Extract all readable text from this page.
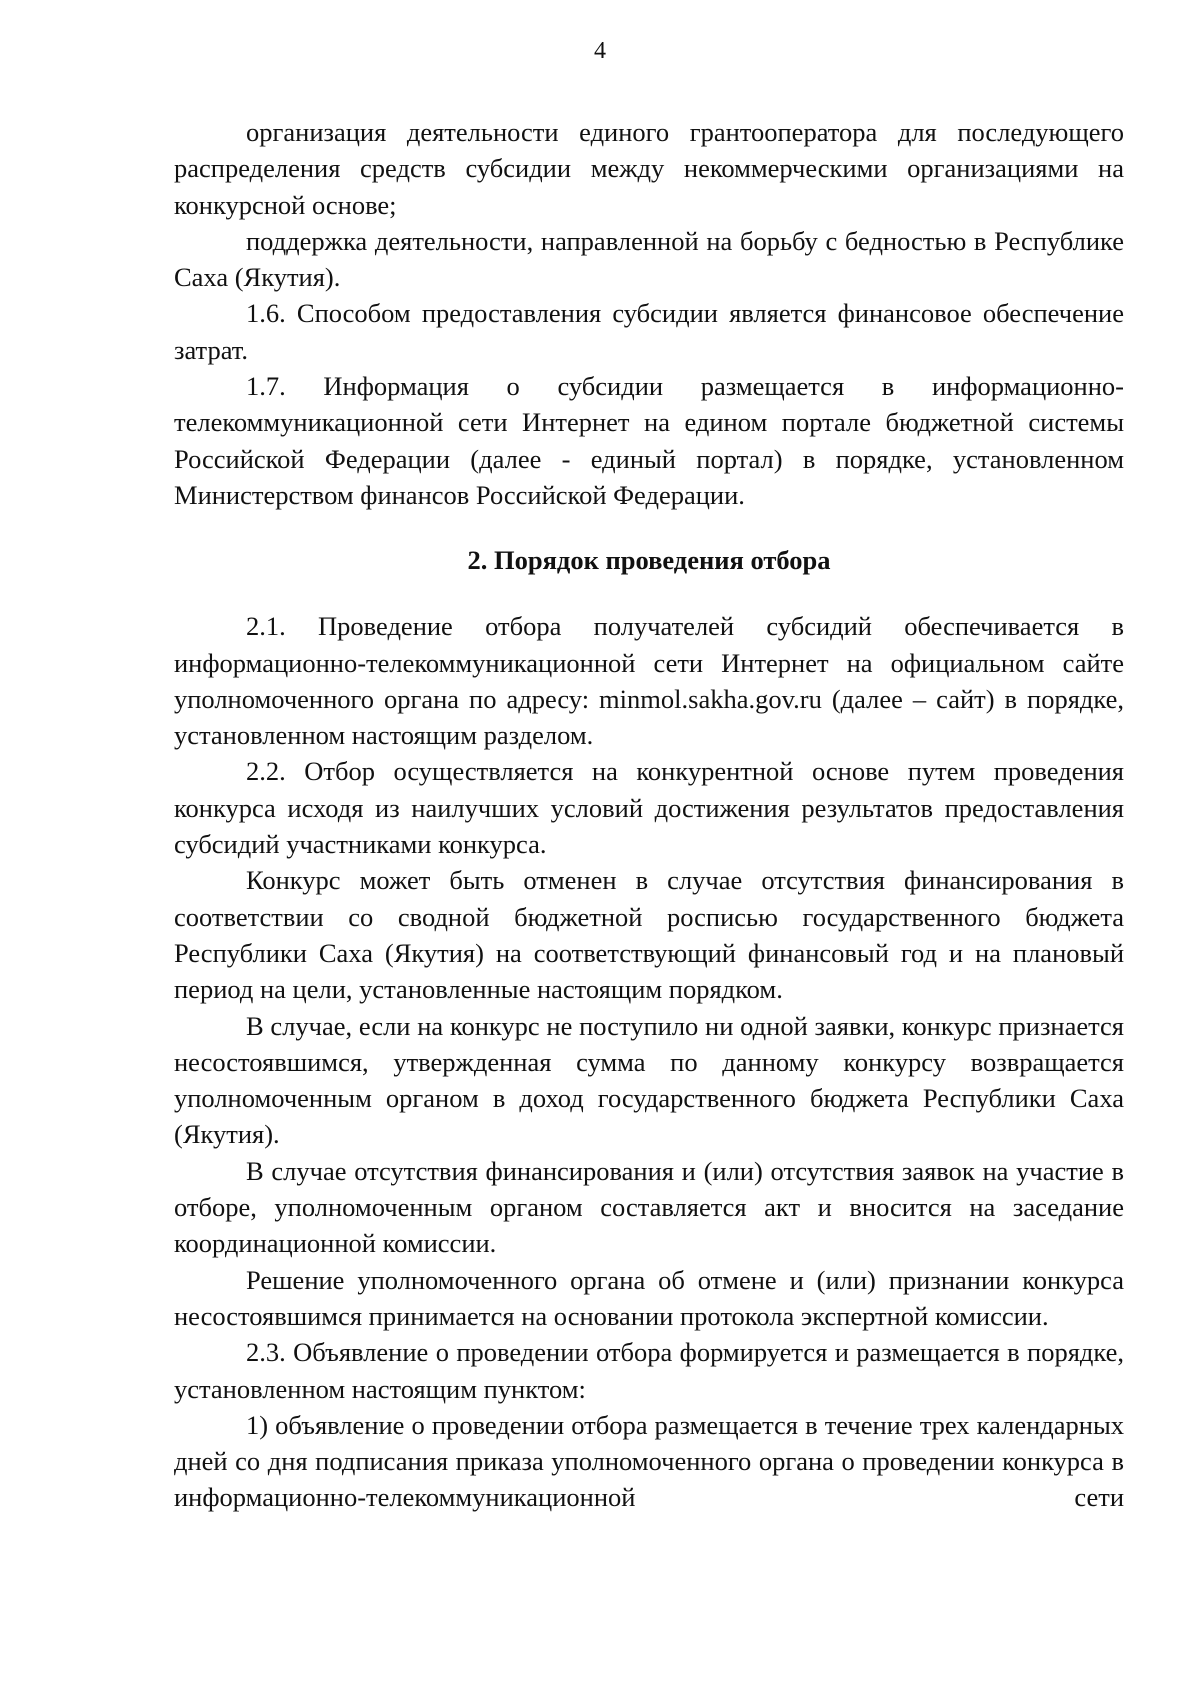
4

организация деятельности единого грантооператора для последующего распределения средств субсидии между некоммерческими организациями на конкурсной основе;

поддержка деятельности, направленной на борьбу с бедностью в Республике Саха (Якутия).

1.6. Способом предоставления субсидии является финансовое обеспечение затрат.

1.7. Информация о субсидии размещается в информационно-телекоммуникационной сети Интернет на едином портале бюджетной системы Российской Федерации (далее - единый портал) в порядке, установленном Министерством финансов Российской Федерации.

2. Порядок проведения отбора

2.1. Проведение отбора получателей субсидий обеспечивается в информационно-телекоммуникационной сети Интернет на официальном сайте уполномоченного органа по адресу: minmol.sakha.gov.ru (далее – сайт) в порядке, установленном настоящим разделом.

2.2. Отбор осуществляется на конкурентной основе путем проведения конкурса исходя из наилучших условий достижения результатов предоставления субсидий участниками конкурса.

Конкурс может быть отменен в случае отсутствия финансирования в соответствии со сводной бюджетной росписью государственного бюджета Республики Саха (Якутия) на соответствующий финансовый год и на плановый период на цели, установленные настоящим порядком.

В случае, если на конкурс не поступило ни одной заявки, конкурс признается несостоявшимся, утвержденная сумма по данному конкурсу возвращается уполномоченным органом в доход государственного бюджета Республики Саха (Якутия).

В случае отсутствия финансирования и (или) отсутствия заявок на участие в отборе, уполномоченным органом составляется акт и вносится на заседание координационной комиссии.

Решение уполномоченного органа об отмене и (или) признании конкурса несостоявшимся принимается на основании протокола экспертной комиссии.

2.3. Объявление о проведении отбора формируется и размещается в порядке, установленном настоящим пунктом:

1) объявление о проведении отбора размещается в течение трех календарных дней со дня подписания приказа уполномоченного органа о проведении конкурса в информационно-телекоммуникационной сети
